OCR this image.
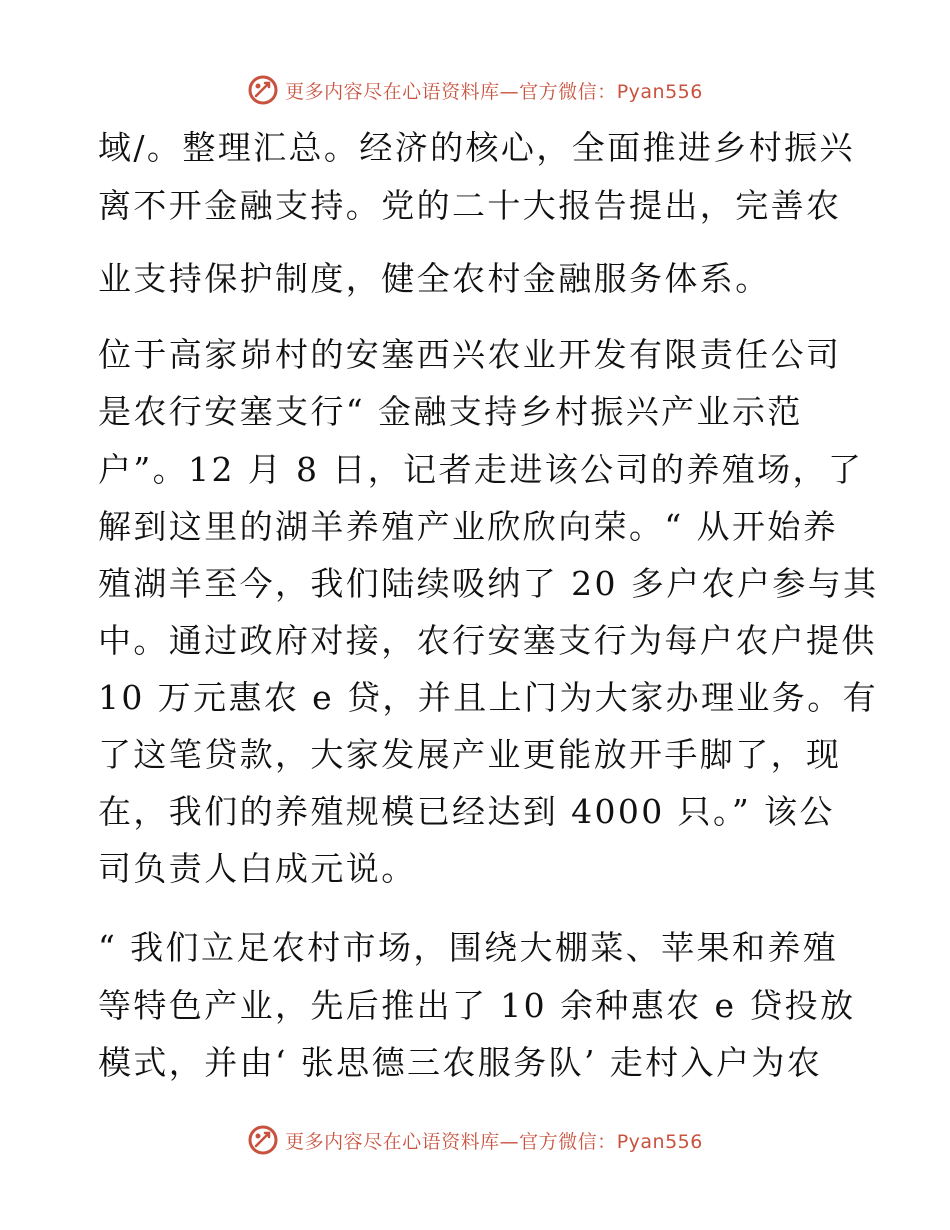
更多内容尽在心语资料库—官方微信：Pyan556
域/。整理汇总。经济的核心，全面推进乡村振兴
离不开金融支持。党的二十大报告提出，完善农
业支持保护制度，健全农村金融服务体系。
位于高家峁村的安塞西兴农业开发有限责任公司
是农行安塞支行“ 金融支持乡村振兴产业示范
户”。12 月 8 日，记者走进该公司的养殖场，了
解到这里的湖羊养殖产业欣欣向荣。“ 从开始养
殖湖羊至今，我们陆续吸纳了 20 多户农户参与其
中。通过政府对接，农行安塞支行为每户农户提供
10 万元惠农 e 贷，并且上门为大家办理业务。有
了这笔贷款，大家发展产业更能放开手脚了，现
在，我们的养殖规模已经达到 4000 只。” 该公
司负责人白成元说。
“ 我们立足农村市场，围绕大棚菜、苹果和养殖
等特色产业，先后推出了 10 余种惠农 e 贷投放
模式，并由‘ 张思德三农服务队’ 走村入户为农
更多内容尽在心语资料库—官方微信：Pyan556
